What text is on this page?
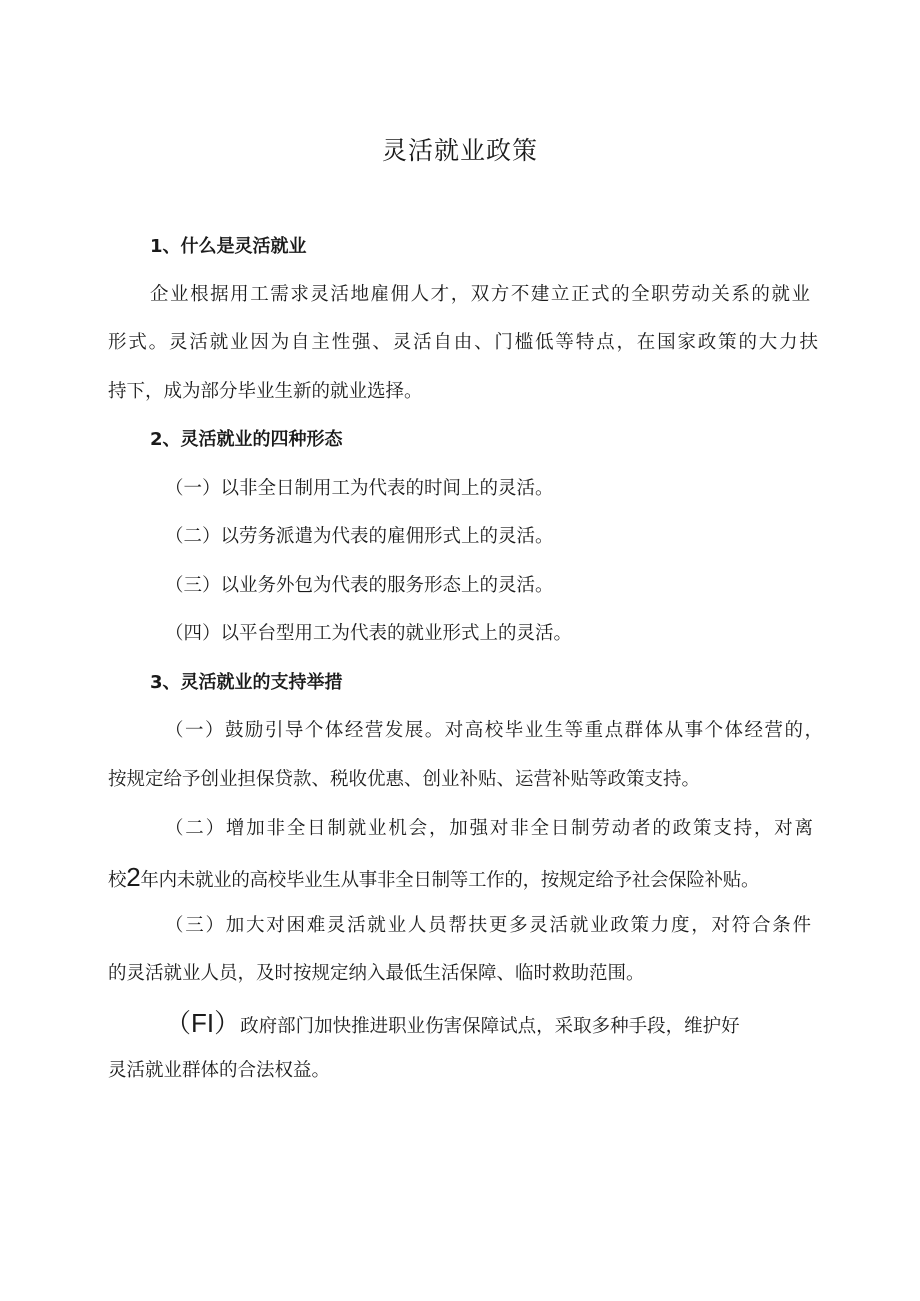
灵活就业政策
1、什么是灵活就业
企业根据用工需求灵活地雇佣人才，双方不建立正式的全职劳动关系的就业
形式。灵活就业因为自主性强、灵活自由、门槛低等特点，在国家政策的大力扶
持下，成为部分毕业生新的就业选择。
2、灵活就业的四种形态
（一）以非全日制用工为代表的时间上的灵活。
（二）以劳务派遣为代表的雇佣形式上的灵活。
（三）以业务外包为代表的服务形态上的灵活。
（四）以平台型用工为代表的就业形式上的灵活。
3、灵活就业的支持举措
（一）鼓励引导个体经营发展。对高校毕业生等重点群体从事个体经营的，
按规定给予创业担保贷款、税收优惠、创业补贴、运营补贴等政策支持。
（二）增加非全日制就业机会，加强对非全日制劳动者的政策支持，对离
校2年内未就业的高校毕业生从事非全日制等工作的，按规定给予社会保险补贴。
（三）加大对困难灵活就业人员帮扶更多灵活就业政策力度，对符合条件
的灵活就业人员，及时按规定纳入最低生活保障、临时救助范围。
（FI）政府部门加快推进职业伤害保障试点，采取多种手段，维护好
灵活就业群体的合法权益。
